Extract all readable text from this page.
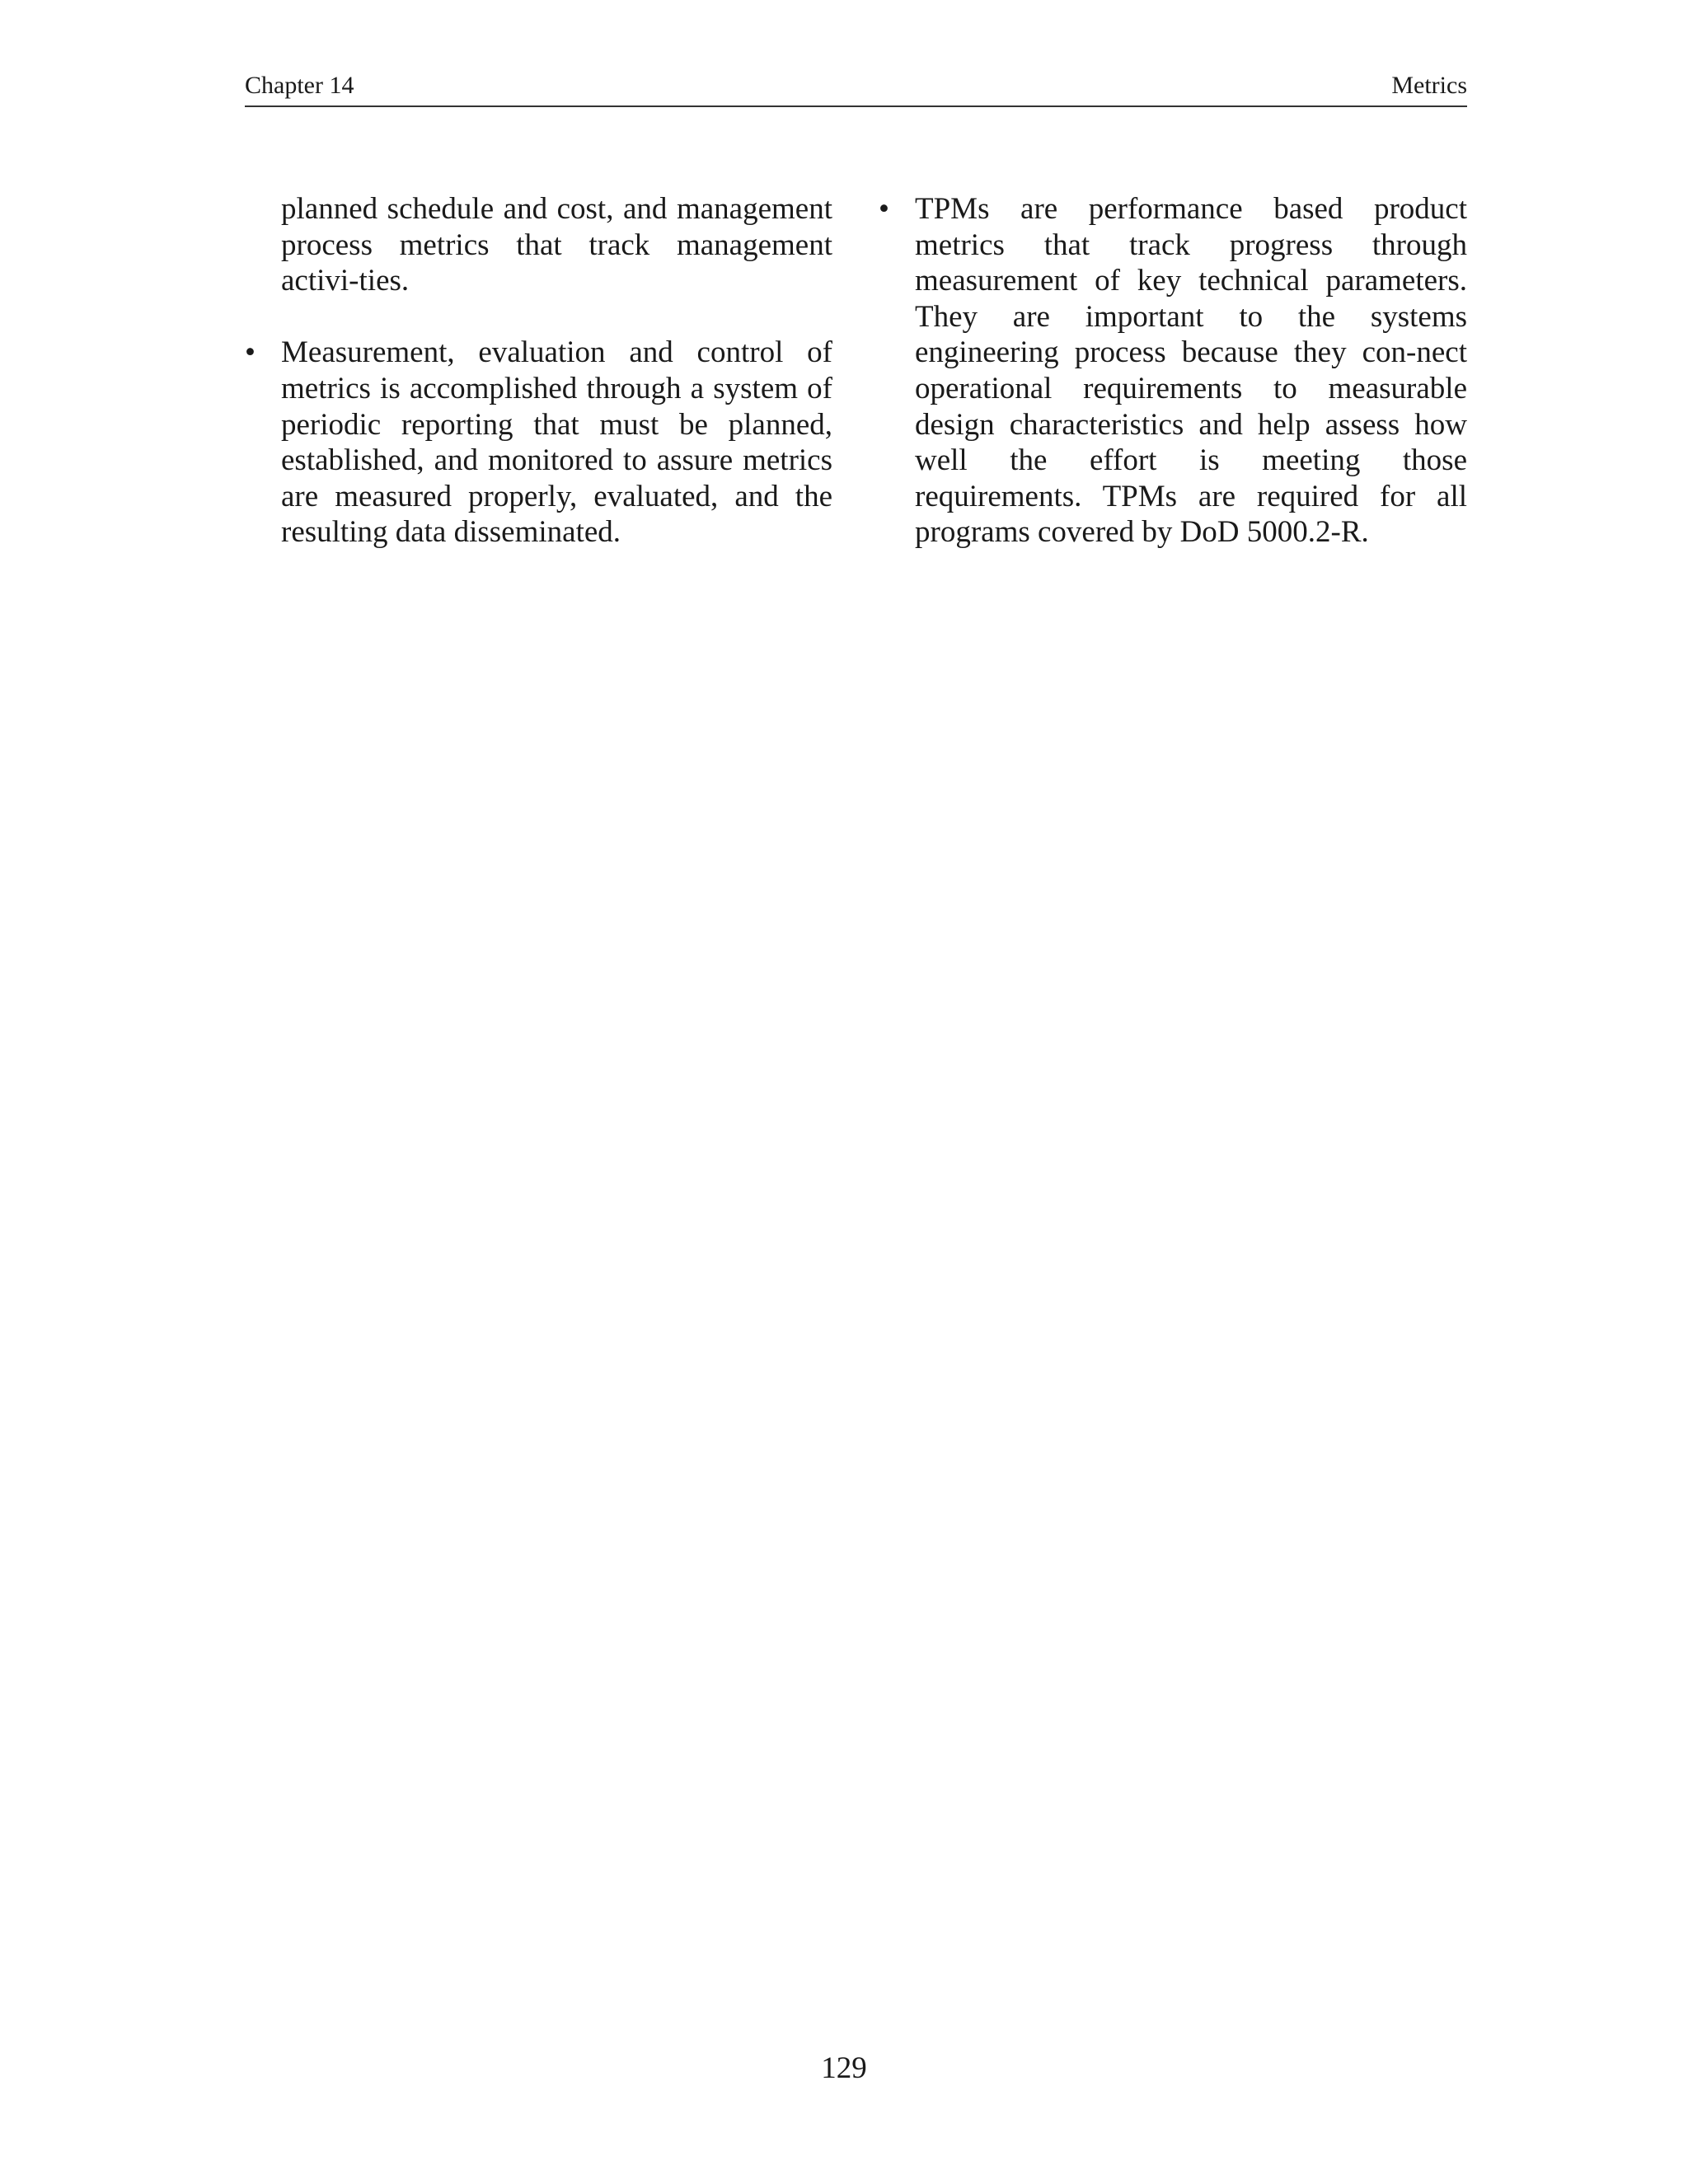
Chapter 14	Metrics

planned schedule and cost, and management process metrics that track management activi-ties.

• Measurement, evaluation and control of metrics is accomplished through a system of periodic reporting that must be planned, established, and monitored to assure metrics are measured properly, evaluated, and the resulting data disseminated.

• TPMs are performance based product metrics that track progress through measurement of key technical parameters. They are important to the systems engineering process because they con-nect operational requirements to measurable design characteristics and help assess how well the effort is meeting those requirements. TPMs are required for all programs covered by DoD 5000.2-R.

129
